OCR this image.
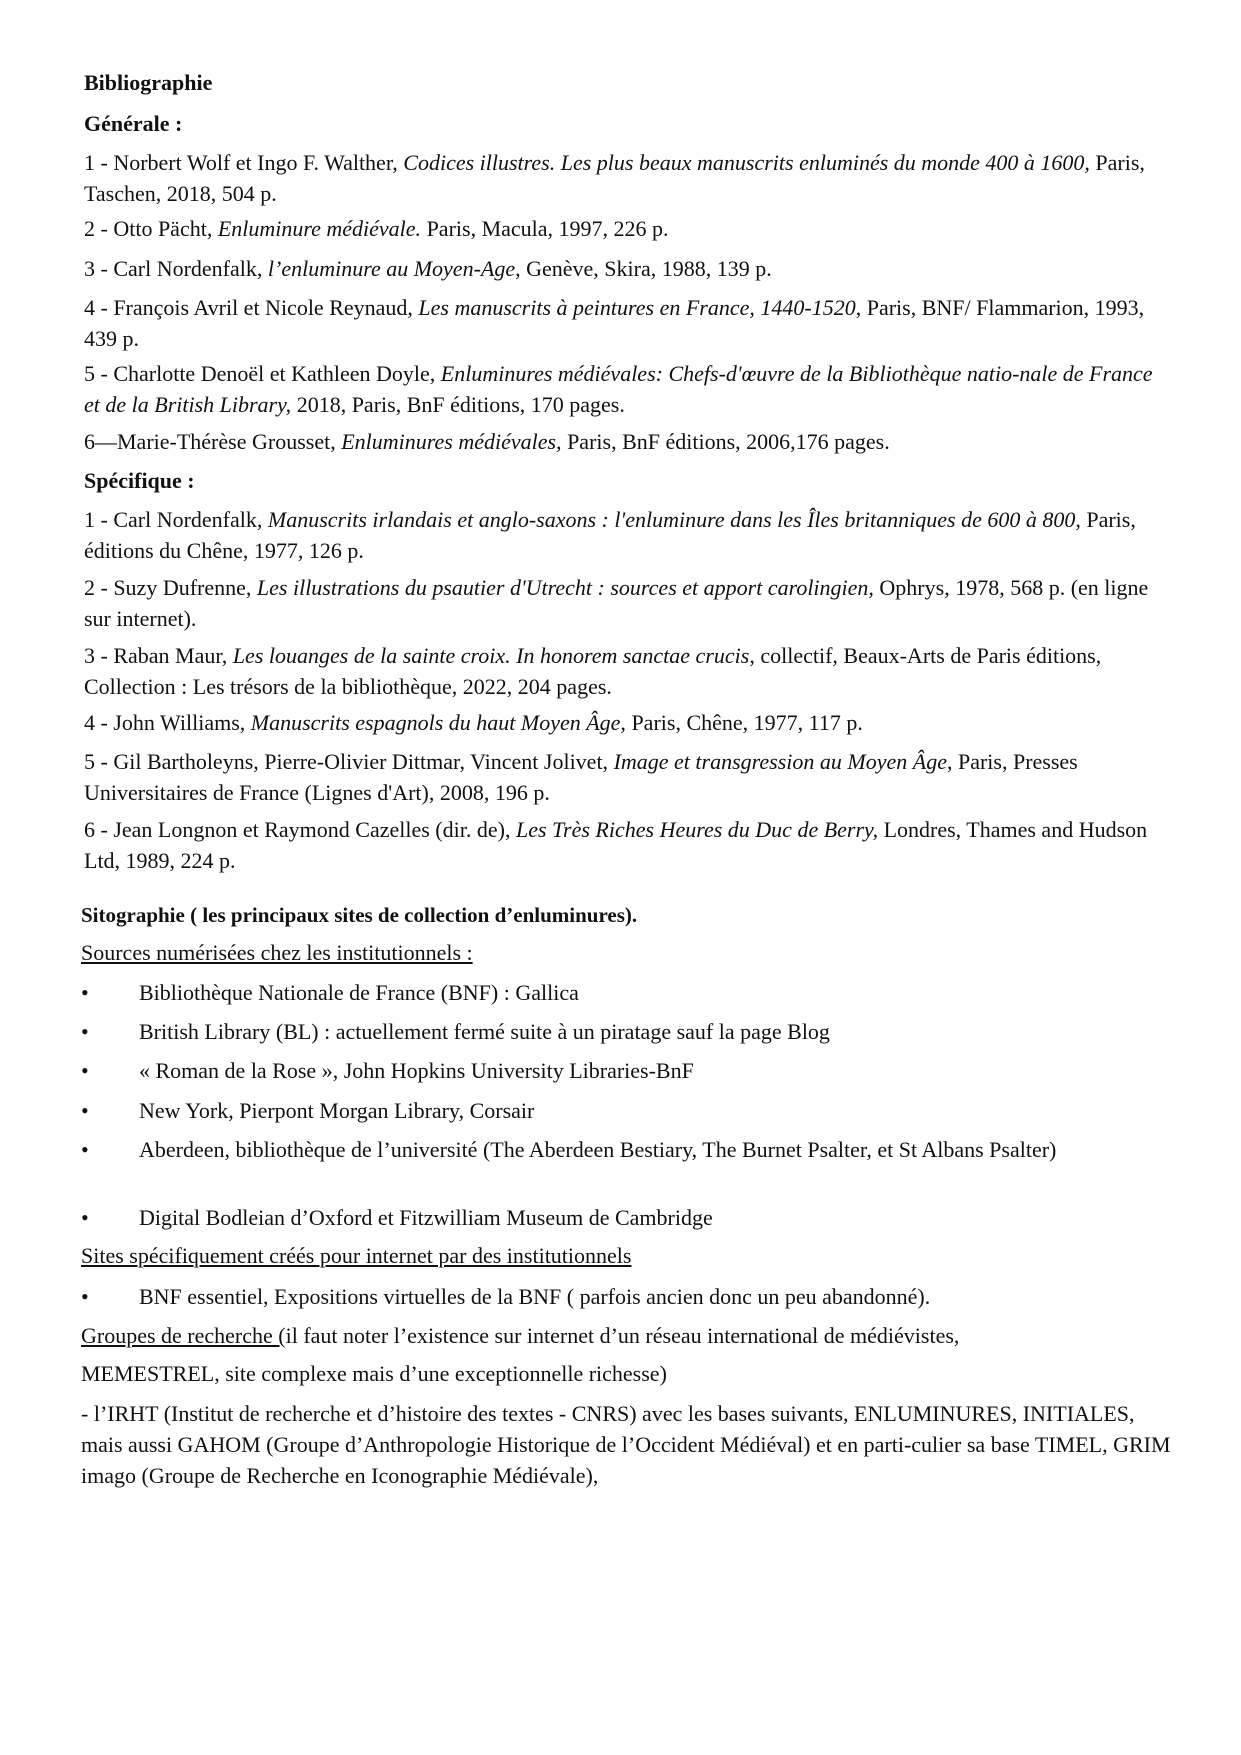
Bibliographie
Générale :
1 - Norbert Wolf et Ingo F. Walther, Codices illustres. Les plus beaux manuscrits enluminés du monde 400 à 1600, Paris, Taschen, 2018, 504 p.
2 - Otto Pächt, Enluminure médiévale. Paris, Macula, 1997, 226 p.
3 - Carl Nordenfalk, l’enluminure au Moyen-Age, Genève, Skira, 1988, 139 p.
4 - François Avril et Nicole Reynaud, Les manuscrits à peintures en France, 1440-1520, Paris, BNF/ Flammarion, 1993, 439 p.
5 - Charlotte Denoël et Kathleen Doyle, Enluminures médiévales: Chefs-d'œuvre de la Bibliothèque natio-nale de France et de la British Library, 2018, Paris, BnF éditions, 170 pages.
6—Marie-Thérèse Grousset, Enluminures médiévales, Paris, BnF éditions, 2006,176 pages.
Spécifique :
1 - Carl Nordenfalk, Manuscrits irlandais et anglo-saxons : l'enluminure dans les Îles britanniques de 600 à 800, Paris, éditions du Chêne, 1977, 126 p.
2 - Suzy Dufrenne, Les illustrations du psautier d'Utrecht : sources et apport carolingien, Ophrys, 1978, 568 p. (en ligne sur internet).
3 - Raban Maur, Les louanges de la sainte croix. In honorem sanctae crucis, collectif, Beaux-Arts de Paris éditions, Collection : Les trésors de la bibliothèque, 2022, 204 pages.
4 - John Williams, Manuscrits espagnols du haut Moyen Âge, Paris, Chêne, 1977, 117 p.
5 - Gil Bartholeyns, Pierre-Olivier Dittmar, Vincent Jolivet, Image et transgression au Moyen Âge, Paris, Presses Universitaires de France (Lignes d'Art), 2008, 196 p.
6 - Jean Longnon et Raymond Cazelles (dir. de), Les Très Riches Heures du Duc de Berry, Londres, Thames and Hudson Ltd, 1989, 224 p.
Sitographie ( les principaux sites de collection d’enluminures).
Sources numérisées chez les institutionnels :
• Bibliothèque Nationale de France (BNF) : Gallica
• British Library (BL) : actuellement fermé suite à un piratage sauf la page Blog
• « Roman de la Rose », John Hopkins University Libraries-BnF
• New York, Pierpont Morgan Library, Corsair
• Aberdeen, bibliothèque de l’université (The Aberdeen Bestiary, The Burnet Psalter, et St Albans Psalter)
• Digital Bodleian d’Oxford et Fitzwilliam Museum de Cambridge
Sites spécifiquement créés pour internet par des institutionnels
• BNF essentiel, Expositions virtuelles de la BNF ( parfois ancien donc un peu abandonné).
Groupes de recherche (il faut noter l’existence sur internet d’un réseau international de médiévistes,
MEMESTREL, site complexe mais d’une exceptionnelle richesse)
- l’IRHT (Institut de recherche et d’histoire des textes - CNRS) avec les bases suivants, ENLUMINURES, INITIALES, mais aussi GAHOM (Groupe d’Anthropologie Historique de l’Occident Médiéval) et en parti-culier sa base TIMEL, GRIM imago (Groupe de Recherche en Iconographie Médiévale),
